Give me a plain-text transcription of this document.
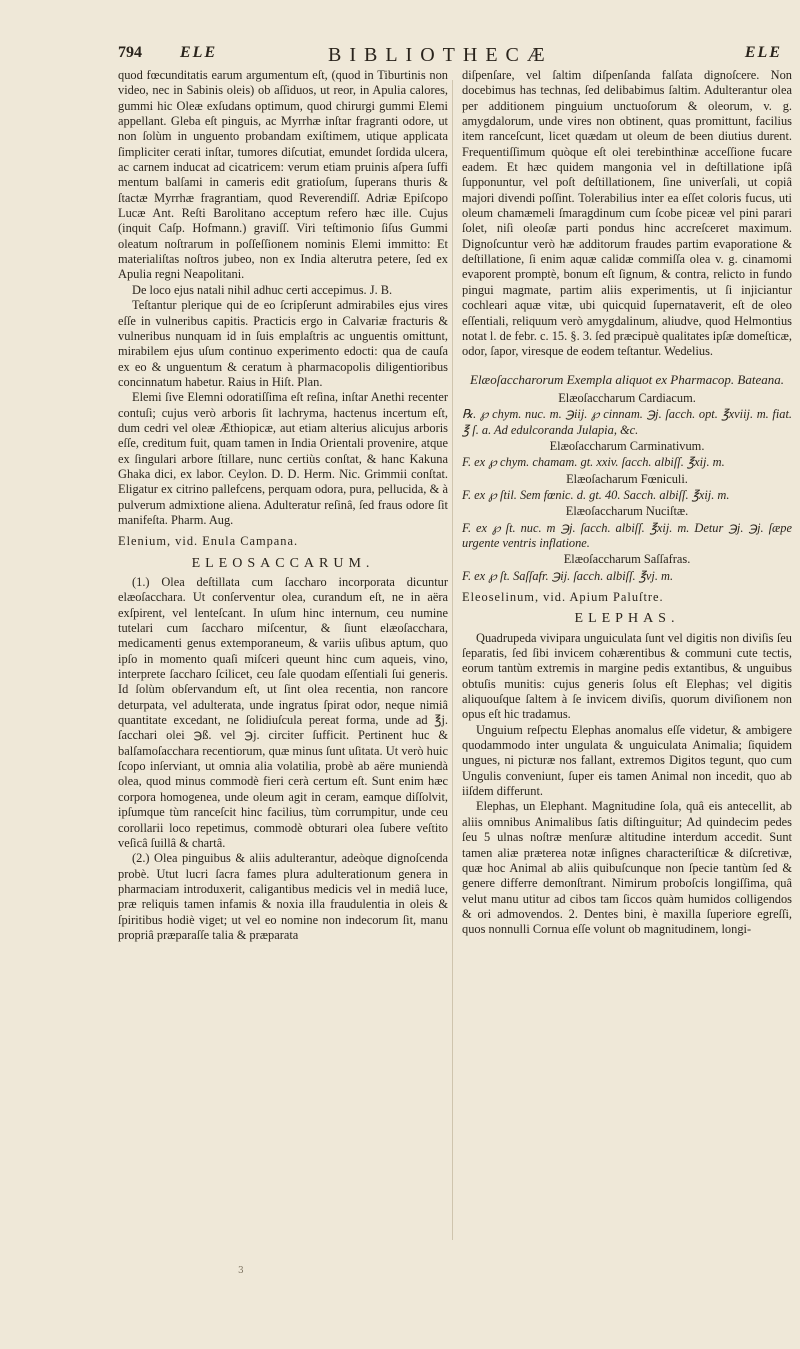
794 ELE	BIBLIOTHECÆ	ELE

quod fœcunditatis earum argumentum eſt, (quod in Tiburtinis non video, nec in Sabinis oleis) ob aſſiduos, ut reor, in Apulia calores, gummi hic Oleæ exſudans optimum, quod chirurgi gummi Elemi appellant. Gleba eſt pinguis, ac Myrrhæ inſtar fragranti odore, ut non ſolùm in unguento probandam exiſtimem, utique applicata ſimpliciter cerati inſtar, tumores diſcutiat, emundet ſordida ulcera, ac carnem inducat ad cicatricem: verum etiam pruinis aſpera ſuffi mentum balſami in cameris edit gratioſum, ſuperans thuris & ſtactæ Myrrhæ fragrantiam, quod Reverendiſſ. Adriæ Epiſcopo Lucæ Ant. Reſti Barolitano acceptum refero hæc ille. Cujus (inquit Caſp. Hofmann.) graviſſ. Viri teſtimonio ſiſus Gummi oleatum noſtrarum in poſſeſſionem nominis Elemi immitto: Et materialiſtas noſtros jubeo, non ex India alterutra petere, ſed ex Apulia regni Neapolitani.

De loco ejus natali nihil adhuc certi accepimus. J. B.

Teſtantur plerique qui de eo ſcripſerunt admirabiles ejus vires eſſe in vulneribus capitis. Practicis ergo in Calvariæ fracturis & vulneribus nunquam id in ſuis emplaſtris ac unguentis omittunt, mirabilem ejus uſum continuo experimento edocti: qua de cauſa ex eo & unguentum & ceratum à pharmacopolis diligentioribus concinnatum habetur. Raius in Hiſt. Plan.

Elemi ſive Elemni odoratiſſima eſt reſina, inſtar Anethi recenter contuſi; cujus verò arboris ſit lachryma, hactenus incertum eſt, dum cedri vel oleæ Æthiopicæ, aut etiam alterius alicujus arboris eſſe, creditum fuit, quam tamen in India Orientali provenire, atque ex ſingulari arbore ſtillare, nunc certiùs conſtat, & hanc Kakuna Ghaka dici, ex labor. Ceylon. D. D. Herm. Nic. Grimmii conſtat. Eligatur ex citrino pallefcens, perquam odora, pura, pellucida, & à pulverum admixtione aliena. Adulteratur reſinâ, ſed fraus odore ſit manifeſta. Pharm. Aug.

Elenium, vid. Enula Campana.

ELEOSACCARUM.

(1.) Olea deſtillata cum ſaccharo incorporata dicuntur elæoſacchara. Ut conſerventur olea, curandum eſt, ne in aëra exſpirent, vel lenteſcant. In uſum hinc internum, ceu numine tutelari cum ſaccharo miſcentur, & ſiunt elæoſacchara, medicamenti genus extemporaneum, & variis uſibus aptum, quo ipſo in momento quaſi miſceri queunt hinc cum aqueis, vino, interprete ſaccharo ſcilicet, ceu ſale quodam eſſentiali ſui generis. Id ſolùm obſervandum eſt, ut ſint olea recentia, non rancore deturpata, vel adulterata, unde ingratus ſpirat odor, neque nimiâ quantitate excedant, ne ſolidiuſcula pereat forma, unde ad ℥j. ſacchari olei ℈ß. vel ℈j. circiter ſufficit. Pertinent huc & balſamoſacchara recentiorum, quæ minus ſunt uſitata. Ut verò huic ſcopo inſerviant, ut omnia alia volatilia, probè ab aëre muniendà olea, quod minus commodè fieri cerà certum eſt. Sunt enim hæc corpora homogenea, unde oleum agit in ceram, eamque diſſolvit, ipſumque tùm ranceſcit hinc facilius, tùm corrumpitur, unde ceu corollarii loco repetimus, commodè obturari olea ſubere veſtito veſicâ ſuillâ & chartâ.

(2.) Olea pinguibus & aliis adulterantur, adeòque dignoſcenda probè. Utut lucri ſacra fames plura adulterationum genera in pharmaciam introduxerit, caligantibus medicis vel in mediâ luce, præ reliquis tamen infamis & noxia illa fraudulentia in oleis & ſpiritibus hodiè viget; ut vel eo nomine non indecorum ſit, manu propriâ præparaſſe talia & præparata

diſpenſare, vel ſaltim diſpenſanda falſata dignoſcere. Non docebimus has technas, ſed delibabimus ſaltim. Adulterantur olea per additionem pinguium unctuoſorum & oleorum, v. g. amygdalorum, unde vires non obtinent, quas promittunt, facilius item ranceſcunt, licet quædam ut oleum de been diutius durent. Frequentiſſimum quòque eſt olei terebinthinæ acceſſione fucare eadem. Et hæc quidem mangonia vel in deſtillatione ipſâ ſupponuntur, vel poſt deſtillationem, ſine univerſali, ut copiâ majori divendi poſſint. Tolerabilius inter ea eſſet coloris fucus, uti oleum chamæmeli ſmaragdinum cum ſcobe piceæ vel pini parari ſolet, niſi oleoſæ parti pondus hinc accreſceret maximum. Dignoſcuntur verò hæ additorum fraudes partim evaporatione & deſtillatione, ſi enim aquæ calidæ commiſſa olea v. g. cinamomi evaporent promptè, bonum eſt ſignum, & contra, relicto in fundo pingui magmate, partim aliis experimentis, ut ſi injiciantur cochleari aquæ vitæ, ubi quicquid ſupernataverit, eſt de oleo eſſentiali, reliquum verò amygdalinum, aliudve, quod Helmontius notat l. de febr. c. 15. §. 3. ſed præcipuè qualitates ipſæ domeſticæ, odor, ſapor, viresque de eodem teſtantur. Wedelius.

Elæoſaccharorum Exempla aliquot ex Pharmacop. Bateana.

Elæoſaccharum Cardiacum.

℞. ℘ chym. nuc. m. ℈iij. ℘ cinnam. ℈j. ſacch. opt. ℥xviij. m. fiat. ℥ ſ. a. Ad edulcoranda Julapia, &c.

Elæoſaccharum Carminativum.

F. ex ℘ chym. chamam. gt. xxiv. ſacch. albiſſ. ℥xij. m.

Elæoſacharum Fœniculi.

F. ex ℘ ſtil. Sem fœnic. d. gt. 40. Sacch. albiſſ. ℥xij. m.

Elæoſaccharum Nuciſtæ.

F. ex ℘ ſt. nuc. m ℈j. ſacch. albiſſ. ℥xij. m. Detur ℈j. ℈j. ſæpe urgente ventris inflatione.

Elæoſaccharum Saſſafras.

F. ex ℘ ſt. Saſſafr. ℈ij. ſacch. albiſſ. ℥vj. m.

Eleoselinum, vid. Apium Paluſtre.

ELEPHAS.

Quadrupeda vivipara unguiculata ſunt vel digitis non diviſis ſeu ſeparatis, ſed ſibi invicem cohærentibus & communi cute tectis, eorum tantùm extremis in margine pedis extantibus, & unguibus obtuſis munitis: cujus generis ſolus eſt Elephas; vel digitis aliquouſque ſaltem à ſe invicem diviſis, quorum diviſionem non opus eſt hic tradamus.

Unguium reſpectu Elephas anomalus eſſe videtur, & ambigere quodammodo inter ungulata & unguiculata Animalia; ſiquidem ungues, ni picturæ nos fallant, extremos Digitos tegunt, quo cum Ungulis conveniunt, ſuper eis tamen Animal non incedit, quo ab iiſdem differunt.

Elephas, un Elephant. Magnitudine ſola, quâ eis antecellit, ab aliis omnibus Animalibus ſatis diſtinguitur; Ad quindecim pedes ſeu 5 ulnas noſtræ menſuræ altitudine interdum accedit. Sunt tamen aliæ præterea notæ inſignes characteriſticæ & diſcretivæ, quæ hoc Animal ab aliis quibuſcunque non ſpecie tantùm ſed & genere differre demonſtrant. Nimirum proboſcis longiſſima, quâ velut manu utitur ad cibos tam ſiccos quàm humidos colligendos & ori admovendos. 2. Dentes bini, è maxilla ſuperiore egreſſi, quos nonnulli Cornua eſſe volunt ob magnitudinem, longi-

3
